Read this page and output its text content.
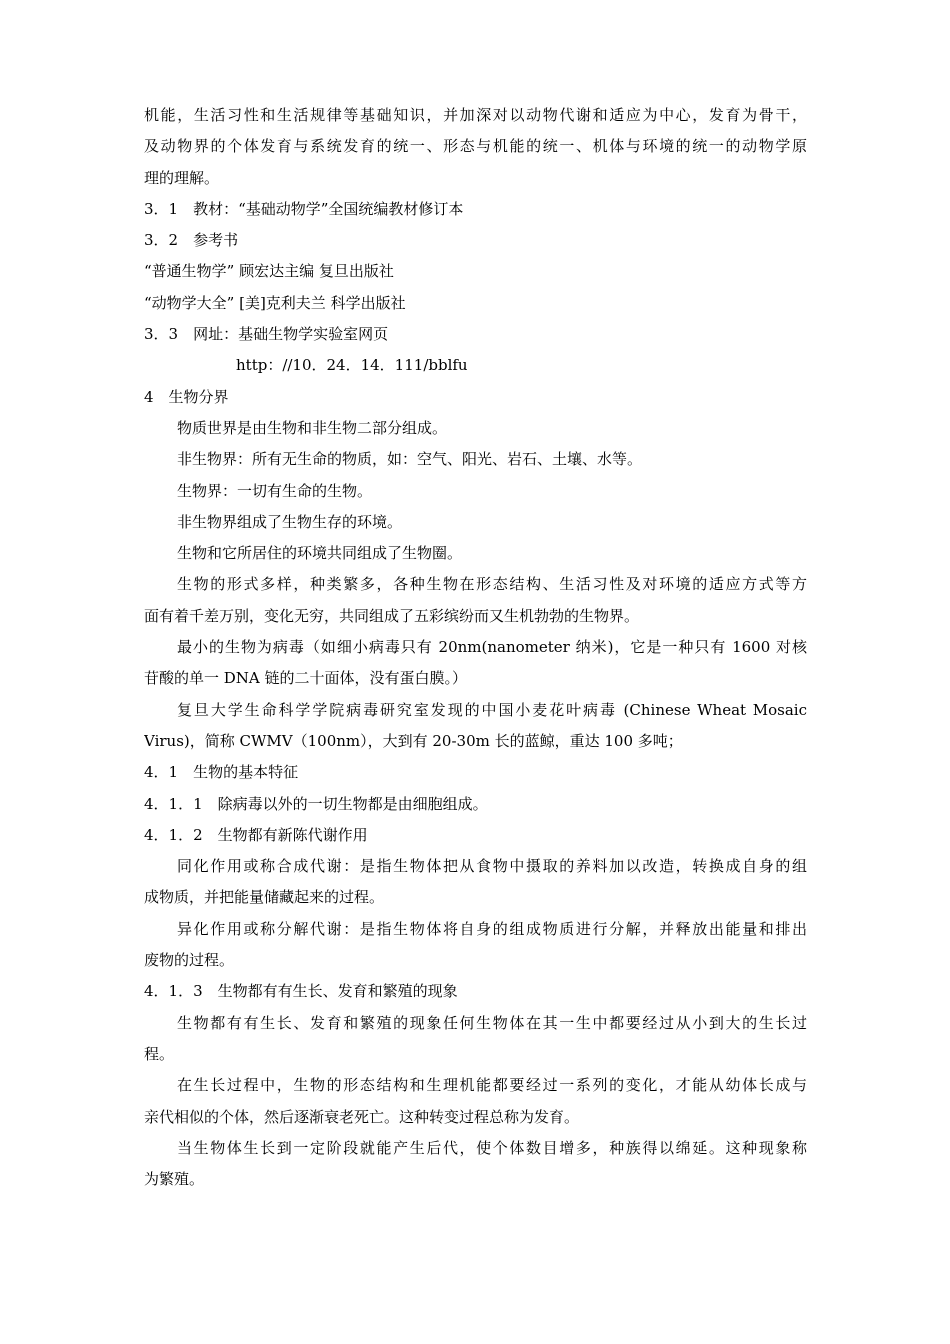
机能，生活习性和生活规律等基础知识，并加深对以动物代谢和适应为中心，发育为骨干，
及动物界的个体发育与系统发育的统一、形态与机能的统一、机体与环境的统一的动物学原
理的理解。
3．1　教材：“基础动物学”全国统编教材修订本
3．2　参考书
“普通生物学” 顾宏达主编 复旦出版社
“动物学大全” [美]克利夫兰 科学出版社
3．3　网址：基础生物学实验室网页
http：//10．24．14．111/bblfu
4　生物分界
物质世界是由生物和非生物二部分组成。
非生物界：所有无生命的物质，如：空气、阳光、岩石、土壤、水等。
生物界：一切有生命的生物。
非生物界组成了生物生存的环境。
生物和它所居住的环境共同组成了生物圈。
生物的形式多样，种类繁多，各种生物在形态结构、生活习性及对环境的适应方式等方
面有着千差万别，变化无穷，共同组成了五彩缤纷而又生机勃勃的生物界。
最小的生物为病毒（如细小病毒只有 20nm(nanometer 纳米)，它是一种只有 1600 对核
苷酸的单一 DNA 链的二十面体，没有蛋白膜。）
复旦大学生命科学学院病毒研究室发现的中国小麦花叶病毒 (Chinese Wheat Mosaic
Virus)，简称 CWMV（100nm），大到有 20-30m 长的蓝鲸，重达 100 多吨；
4．1　生物的基本特征
4．1．1　除病毒以外的一切生物都是由细胞组成。
4．1．2　生物都有新陈代谢作用
同化作用或称合成代谢：是指生物体把从食物中摄取的养料加以改造，转换成自身的组
成物质，并把能量储藏起来的过程。
异化作用或称分解代谢：是指生物体将自身的组成物质进行分解，并释放出能量和排出
废物的过程。
4．1．3　生物都有有生长、发育和繁殖的现象
生物都有有生长、发育和繁殖的现象任何生物体在其一生中都要经过从小到大的生长过
程。
在生长过程中，生物的形态结构和生理机能都要经过一系列的变化，才能从幼体长成与
亲代相似的个体，然后逐渐衰老死亡。这种转变过程总称为发育。
当生物体生长到一定阶段就能产生后代，使个体数目增多，种族得以绵延。这种现象称
为繁殖。
